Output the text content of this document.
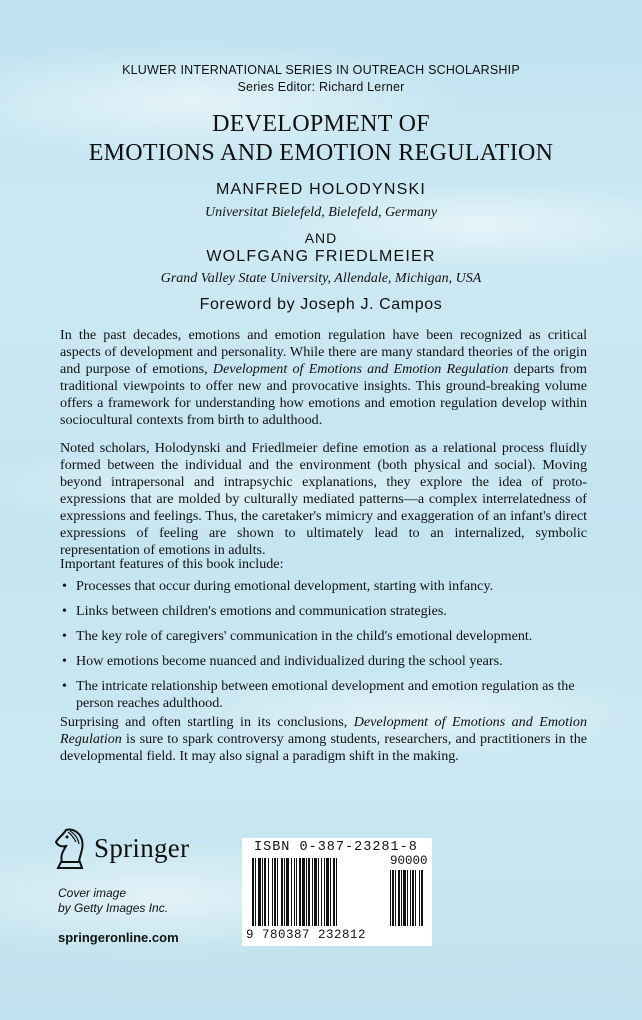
KLUWER INTERNATIONAL SERIES IN OUTREACH SCHOLARSHIP
Series Editor: Richard Lerner
DEVELOPMENT OF
EMOTIONS AND EMOTION REGULATION
MANFRED HOLODYNSKI
Universitat Bielefeld, Bielefeld, Germany
AND
WOLFGANG FRIEDLMEIER
Grand Valley State University, Allendale, Michigan, USA
Foreword by Joseph J. Campos
In the past decades, emotions and emotion regulation have been recognized as critical aspects of development and personality. While there are many standard theories of the origin and purpose of emotions, Development of Emotions and Emotion Regulation departs from traditional viewpoints to offer new and provocative insights. This ground-breaking volume offers a framework for understanding how emotions and emotion regulation develop within sociocultural contexts from birth to adulthood.
Noted scholars, Holodynski and Friedlmeier define emotion as a relational process fluidly formed between the individual and the environment (both physical and social). Moving beyond intrapersonal and intrapsychic explanations, they explore the idea of proto-expressions that are molded by culturally mediated patterns—a complex interrelatedness of expressions and feelings. Thus, the caretaker's mimicry and exaggeration of an infant's direct expressions of feeling are shown to ultimately lead to an internalized, symbolic representation of emotions in adults.
Important features of this book include:
• Processes that occur during emotional development, starting with infancy.
• Links between children's emotions and communication strategies.
• The key role of caregivers' communication in the child's emotional development.
• How emotions become nuanced and individualized during the school years.
• The intricate relationship between emotional development and emotion regulation as the person reaches adulthood.
Surprising and often startling in its conclusions, Development of Emotions and Emotion Regulation is sure to spark controversy among students, researchers, and practitioners in the developmental field. It may also signal a paradigm shift in the making.
Springer
Cover image
by Getty Images Inc.
springeronline.com
ISBN 0-387-23281-8
90000
9 780387 232812
